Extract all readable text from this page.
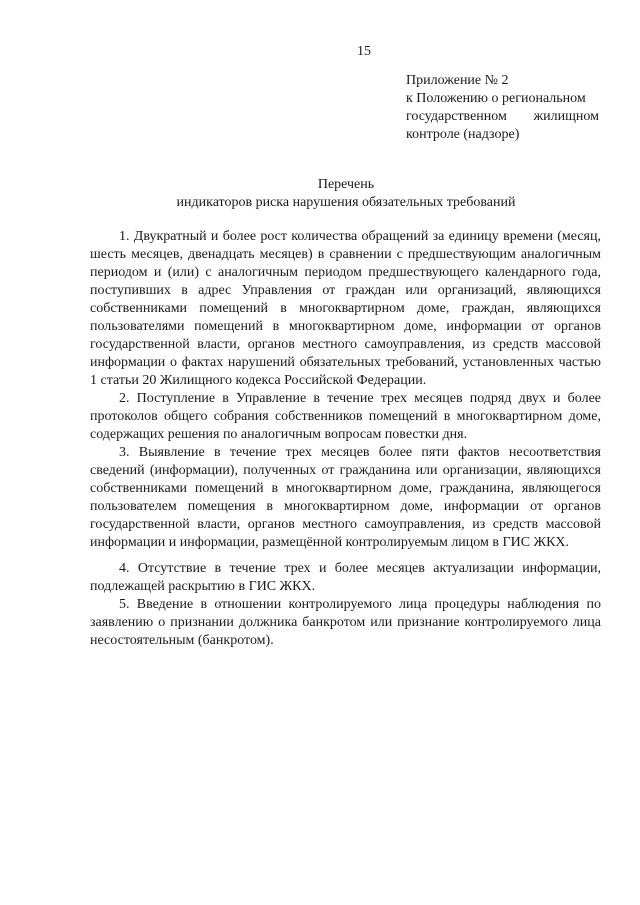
15
Приложение № 2
к Положению о региональном
государственном жилищном
контроле (надзоре)
Перечень
индикаторов риска нарушения обязательных требований

1. Двукратный и более рост количества обращений за единицу времени (месяц, шесть месяцев, двенадцать месяцев) в сравнении с предшествующим аналогичным периодом и (или) с аналогичным периодом предшествующего календарного года, поступивших в адрес Управления от граждан или организаций, являющихся собственниками помещений в многоквартирном доме, граждан, являющихся пользователями помещений в многоквартирном доме, информации от органов государственной власти, органов местного самоуправления, из средств массовой информации о фактах нарушений обязательных требований, установленных частью 1 статьи 20 Жилищного кодекса Российской Федерации.

2. Поступление в Управление в течение трех месяцев подряд двух и более протоколов общего собрания собственников помещений в многоквартирном доме, содержащих решения по аналогичным вопросам повестки дня.

3. Выявление в течение трех месяцев более пяти фактов несоответствия сведений (информации), полученных от гражданина или организации, являющихся собственниками помещений в многоквартирном доме, гражданина, являющегося пользователем помещения в многоквартирном доме, информации от органов государственной власти, органов местного самоуправления, из средств массовой информации и информации, размещённой контролируемым лицом в ГИС ЖКХ.

4. Отсутствие в течение трех и более месяцев актуализации информации, подлежащей раскрытию в ГИС ЖКХ.

5. Введение в отношении контролируемого лица процедуры наблюдения по заявлению о признании должника банкротом или признание контролируемого лица несостоятельным (банкротом).
